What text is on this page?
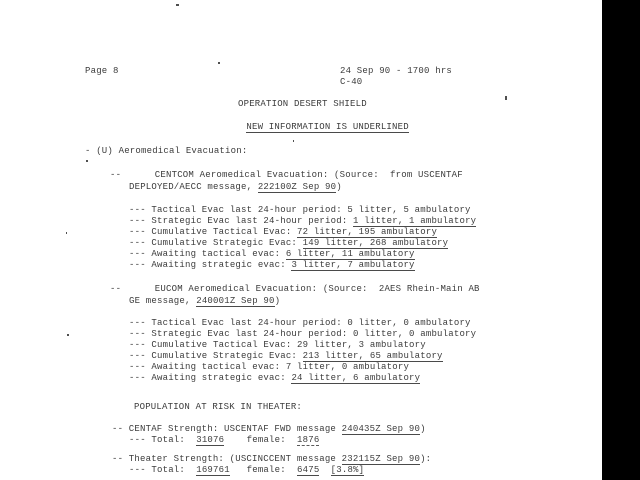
Page 8	24 Sep 90 - 1700 hrs
C-40
OPERATION DESERT SHIELD

NEW INFORMATION IS UNDERLINED

- (U) Aeromedical Evacuation:
--      CENTCOM Aeromedical Evacuation: (Source:  from USCENTAF
DEPLOYED/AECC message, 222100Z Sep 90)
--- Tactical Evac last 24-hour period: 5 litter, 5 ambulatory
--- Strategic Evac last 24-hour period: 1 litter, 1 ambulatory
--- Cumulative Tactical Evac: 72 litter, 195 ambulatory
--- Cumulative Strategic Evac: 149 litter, 268 ambulatory
--- Awaiting tactical evac: 6 litter, 11 ambulatory
--- Awaiting strategic evac: 3 litter, 7 ambulatory
--      EUCOM Aeromedical Evacuation: (Source:  2AES Rhein-Main AB
GE message, 240001Z Sep 90)
--- Tactical Evac last 24-hour period: 0 litter, 0 ambulatory
--- Strategic Evac last 24-hour period: 0 litter, 0 ambulatory
--- Cumulative Tactical Evac: 29 litter, 3 ambulatory
--- Cumulative Strategic Evac: 213 litter, 65 ambulatory
--- Awaiting tactical evac: 7 litter, 0 ambulatory
--- Awaiting strategic evac: 24 litter, 6 ambulatory
POPULATION AT RISK IN THEATER:
-- CENTAF Strength: USCENTAF FWD message 240435Z Sep 90)
--- Total:  31076    female:  1876
-- Theater Strength: (USCINCCENT message 232115Z Sep 90):
--- Total:  169761   female:  6475 [3.8%]
